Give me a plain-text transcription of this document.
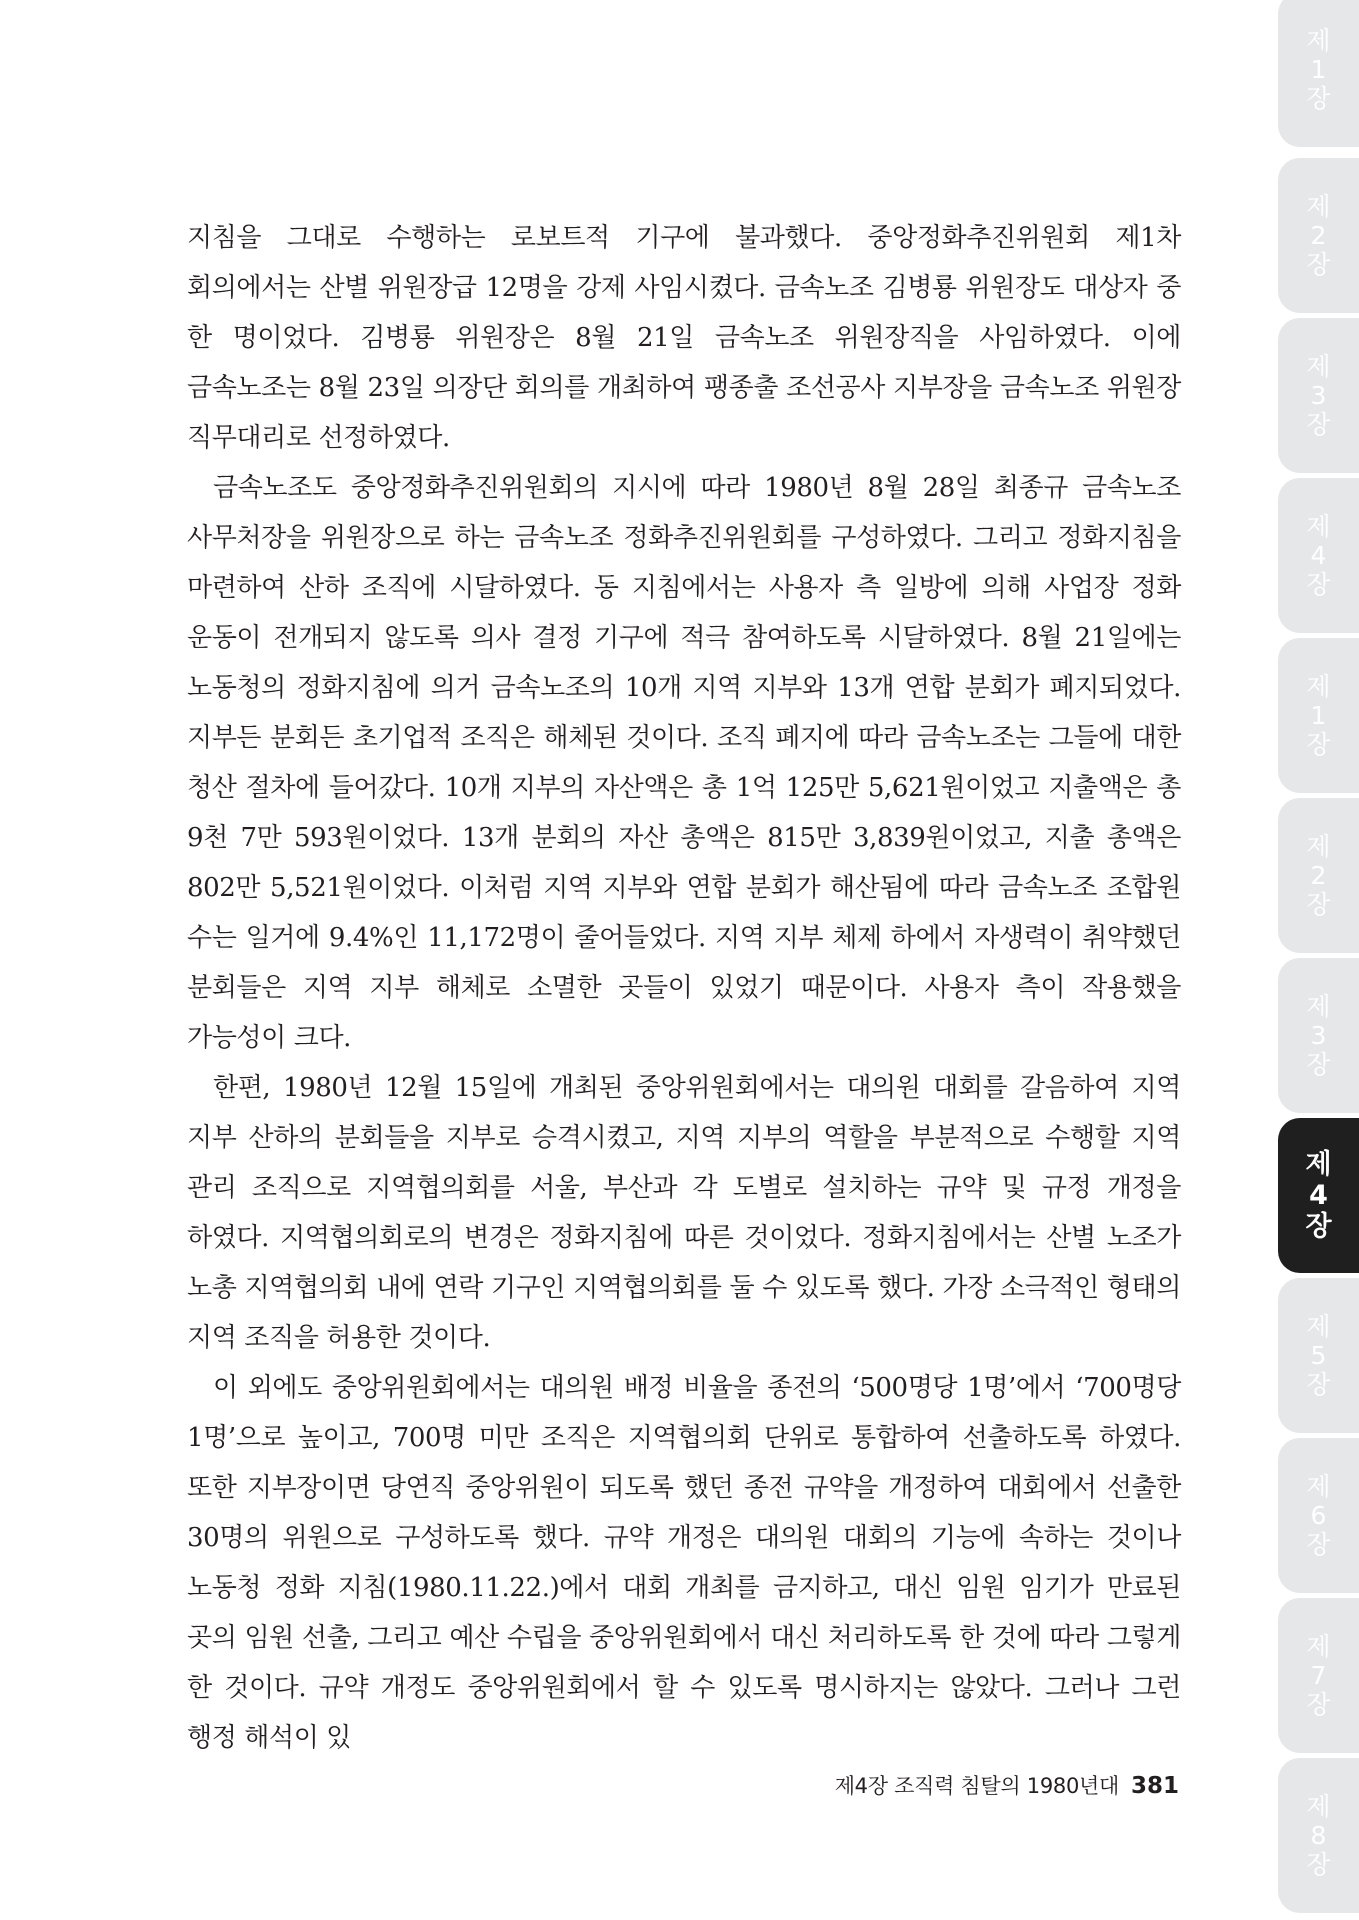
지침을 그대로 수행하는 로보트적 기구에 불과했다. 중앙정화추진위원회 제1차 회의에서는 산별 위원장급 12명을 강제 사임시켰다. 금속노조 김병룡 위원장도 대상자 중 한 명이었다. 김병룡 위원장은 8월 21일 금속노조 위원장직을 사임하였다. 이에 금속노조는 8월 23일 의장단 회의를 개최하여 팽종출 조선공사 지부장을 금속노조 위원장 직무대리로 선정하였다.

금속노조도 중앙정화추진위원회의 지시에 따라 1980년 8월 28일 최종규 금속노조 사무처장을 위원장으로 하는 금속노조 정화추진위원회를 구성하였다. 그리고 정화지침을 마련하여 산하 조직에 시달하였다. 동 지침에서는 사용자 측 일방에 의해 사업장 정화 운동이 전개되지 않도록 의사 결정 기구에 적극 참여하도록 시달하였다. 8월 21일에는 노동청의 정화지침에 의거 금속노조의 10개 지역 지부와 13개 연합 분회가 폐지되었다. 지부든 분회든 초기업적 조직은 해체된 것이다. 조직 폐지에 따라 금속노조는 그들에 대한 청산 절차에 들어갔다. 10개 지부의 자산액은 총 1억 125만 5,621원이었고 지출액은 총 9천 7만 593원이었다. 13개 분회의 자산 총액은 815만 3,839원이었고, 지출 총액은 802만 5,521원이었다. 이처럼 지역 지부와 연합 분회가 해산됨에 따라 금속노조 조합원 수는 일거에 9.4%인 11,172명이 줄어들었다. 지역 지부 체제 하에서 자생력이 취약했던 분회들은 지역 지부 해체로 소멸한 곳들이 있었기 때문이다. 사용자 측이 작용했을 가능성이 크다.

한편, 1980년 12월 15일에 개최된 중앙위원회에서는 대의원 대회를 갈음하여 지역 지부 산하의 분회들을 지부로 승격시켰고, 지역 지부의 역할을 부분적으로 수행할 지역 관리 조직으로 지역협의회를 서울, 부산과 각 도별로 설치하는 규약 및 규정 개정을 하였다. 지역협의회로의 변경은 정화지침에 따른 것이었다. 정화지침에서는 산별 노조가 노총 지역협의회 내에 연락 기구인 지역협의회를 둘 수 있도록 했다. 가장 소극적인 형태의 지역 조직을 허용한 것이다.

이 외에도 중앙위원회에서는 대의원 배정 비율을 종전의 ‘500명당 1명’에서 ‘700명당 1명’으로 높이고, 700명 미만 조직은 지역협의회 단위로 통합하여 선출하도록 하였다. 또한 지부장이면 당연직 중앙위원이 되도록 했던 종전 규약을 개정하여 대회에서 선출한 30명의 위원으로 구성하도록 했다. 규약 개정은 대의원 대회의 기능에 속하는 것이나 노동청 정화 지침(1980.11.22.)에서 대회 개최를 금지하고, 대신 임원 임기가 만료된 곳의 임원 선출, 그리고 예산 수립을 중앙위원회에서 대신 처리하도록 한 것에 따라 그렇게 한 것이다. 규약 개정도 중앙위원회에서 할 수 있도록 명시하지는 않았다. 그러나 그런 행정 해석이 있

제4장 조직력 침탈의 1980년대 381
제
1
장
제
2
장
제
3
장
제
4
장
제
1
장
제
2
장
제
3
장
제
4
장
제
5
장
제
6
장
제
7
장
제
8
장
